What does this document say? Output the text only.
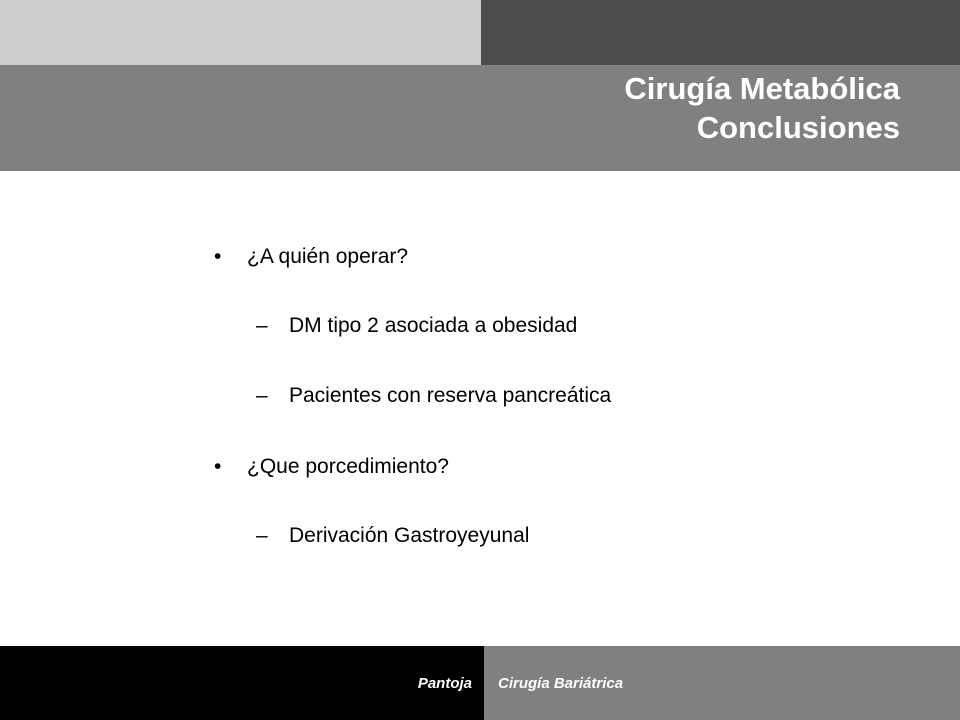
Cirugía Metabólica
Conclusiones
• ¿A quién operar?
– DM tipo 2 asociada a obesidad
– Pacientes con reserva pancreática
• ¿Que porcedimiento?
– Derivación Gastroyeyunal
Pantoja Cirugía Bariátrica
